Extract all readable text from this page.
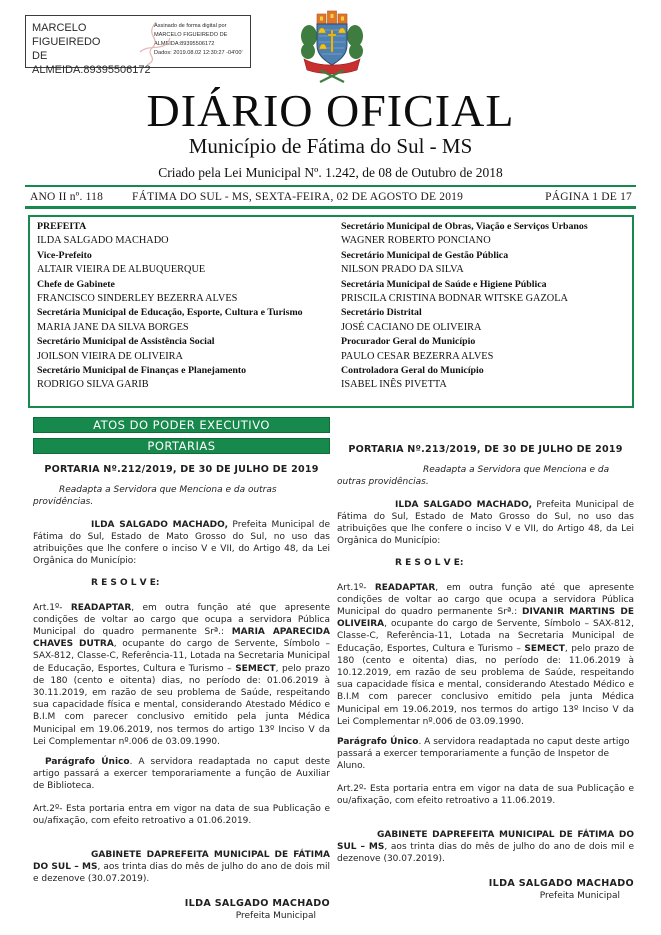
MARCELO FIGUEIREDO
DE
ALMEIDA:89395506172
Assinado de forma digital por
MARCELO FIGUEIREDO DE
ALMEIDA:89395506172
Dados: 2019.08.02 12:30:27 -04'00'
DIÁRIO OFICIAL
Município de Fátima do Sul - MS
Criado pela Lei Municipal Nº. 1.242, de 08 de Outubro de 2018
ANO II nº. 118	FÁTIMA DO SUL - MS, SEXTA-FEIRA, 02 DE AGOSTO DE 2019	PÁGINA 1 DE 17
PREFEITA
ILDA SALGADO MACHADO
Vice-Prefeito
ALTAIR VIEIRA DE ALBUQUERQUE
Chefe de Gabinete
FRANCISCO SINDERLEY BEZERRA ALVES
Secretária Municipal de Educação, Esporte, Cultura e Turismo
MARIA JANE DA SILVA BORGES
Secretário Municipal de Assistência Social
JOILSON VIEIRA DE OLIVEIRA
Secretário Municipal de Finanças e Planejamento
RODRIGO SILVA GARIB
Secretário Municipal de Obras, Viação e Serviços Urbanos
WAGNER ROBERTO PONCIANO
Secretário Municipal de Gestão Pública
NILSON PRADO DA SILVA
Secretária Municipal de Saúde e Higiene Pública
PRISCILA CRISTINA BODNAR WITSKE GAZOLA
Secretário Distrital
JOSÉ CACIANO DE OLIVEIRA
Procurador Geral do Município
PAULO CESAR BEZERRA ALVES
Controladora Geral do Município
ISABEL INÊS PIVETTA
ATOS DO PODER EXECUTIVO
PORTARIAS
PORTARIA Nº.212/2019, DE 30 DE JULHO DE 2019
Readapta a Servidora que Menciona e da outras providências.
ILDA SALGADO MACHADO, Prefeita Municipal de Fátima do Sul, Estado de Mato Grosso do Sul, no uso das atribuições que lhe confere o inciso V e VII, do Artigo 48, da Lei Orgânica do Município:
R E S O L V E:
Art.1º- READAPTAR, em outra função até que apresente condições de voltar ao cargo que ocupa a servidora Pública Municipal do quadro permanente Srª.: MARIA APARECIDA CHAVES DUTRA, ocupante do cargo de Servente, Símbolo – SAX-812, Classe-C, Referência-11, Lotada na Secretaria Municipal de Educação, Esportes, Cultura e Turismo – SEMECT, pelo prazo de 180 (cento e oitenta) dias, no período de: 01.06.2019 à 30.11.2019, em razão de seu problema de Saúde, respeitando sua capacidade física e mental, considerando Atestado Médico e B.I.M com parecer conclusivo emitido pela junta Médica Municipal em 19.06.2019, nos termos do artigo 13º Inciso V da Lei Complementar nº.006 de 03.09.1990.
Parágrafo Único. A servidora readaptada no caput deste artigo passará a exercer temporariamente a função de Auxiliar de Biblioteca.
Art.2º- Esta portaria entra em vigor na data de sua Publicação e ou/afixação, com efeito retroativo a 01.06.2019.
GABINETE DAPREFEITA MUNICIPAL DE FÁTIMA DO SUL – MS, aos trinta dias do mês de julho do ano de dois mil e dezenove (30.07.2019).
ILDA SALGADO MACHADO
Prefeita Municipal
PORTARIA Nº.213/2019, DE 30 DE JULHO DE 2019
Readapta a Servidora que Menciona e da outras providências.
ILDA SALGADO MACHADO, Prefeita Municipal de Fátima do Sul, Estado de Mato Grosso do Sul, no uso das atribuições que lhe confere o inciso V e VII, do Artigo 48, da Lei Orgânica do Município:
R E S O L V E:
Art.1º- READAPTAR, em outra função até que apresente condições de voltar ao cargo que ocupa a servidora Pública Municipal do quadro permanente Srª.: DIVANIR MARTINS DE OLIVEIRA, ocupante do cargo de Servente, Símbolo – SAX-812, Classe-C, Referência-11, Lotada na Secretaria Municipal de Educação, Esportes, Cultura e Turismo – SEMECT, pelo prazo de 180 (cento e oitenta) dias, no período de: 11.06.2019 à 10.12.2019, em razão de seu problema de Saúde, respeitando sua capacidade física e mental, considerando Atestado Médico e B.I.M com parecer conclusivo emitido pela junta Médica Municipal em 19.06.2019, nos termos do artigo 13º Inciso V da Lei Complementar nº.006 de 03.09.1990.
Parágrafo Único. A servidora readaptada no caput deste artigo passará a exercer temporariamente a função de Inspetor de Aluno.
Art.2º- Esta portaria entra em vigor na data de sua Publicação e ou/afixação, com efeito retroativo a 11.06.2019.
GABINETE DAPREFEITA MUNICIPAL DE FÁTIMA DO SUL – MS, aos trinta dias do mês de julho do ano de dois mil e dezenove (30.07.2019).
ILDA SALGADO MACHADO
Prefeita Municipal
